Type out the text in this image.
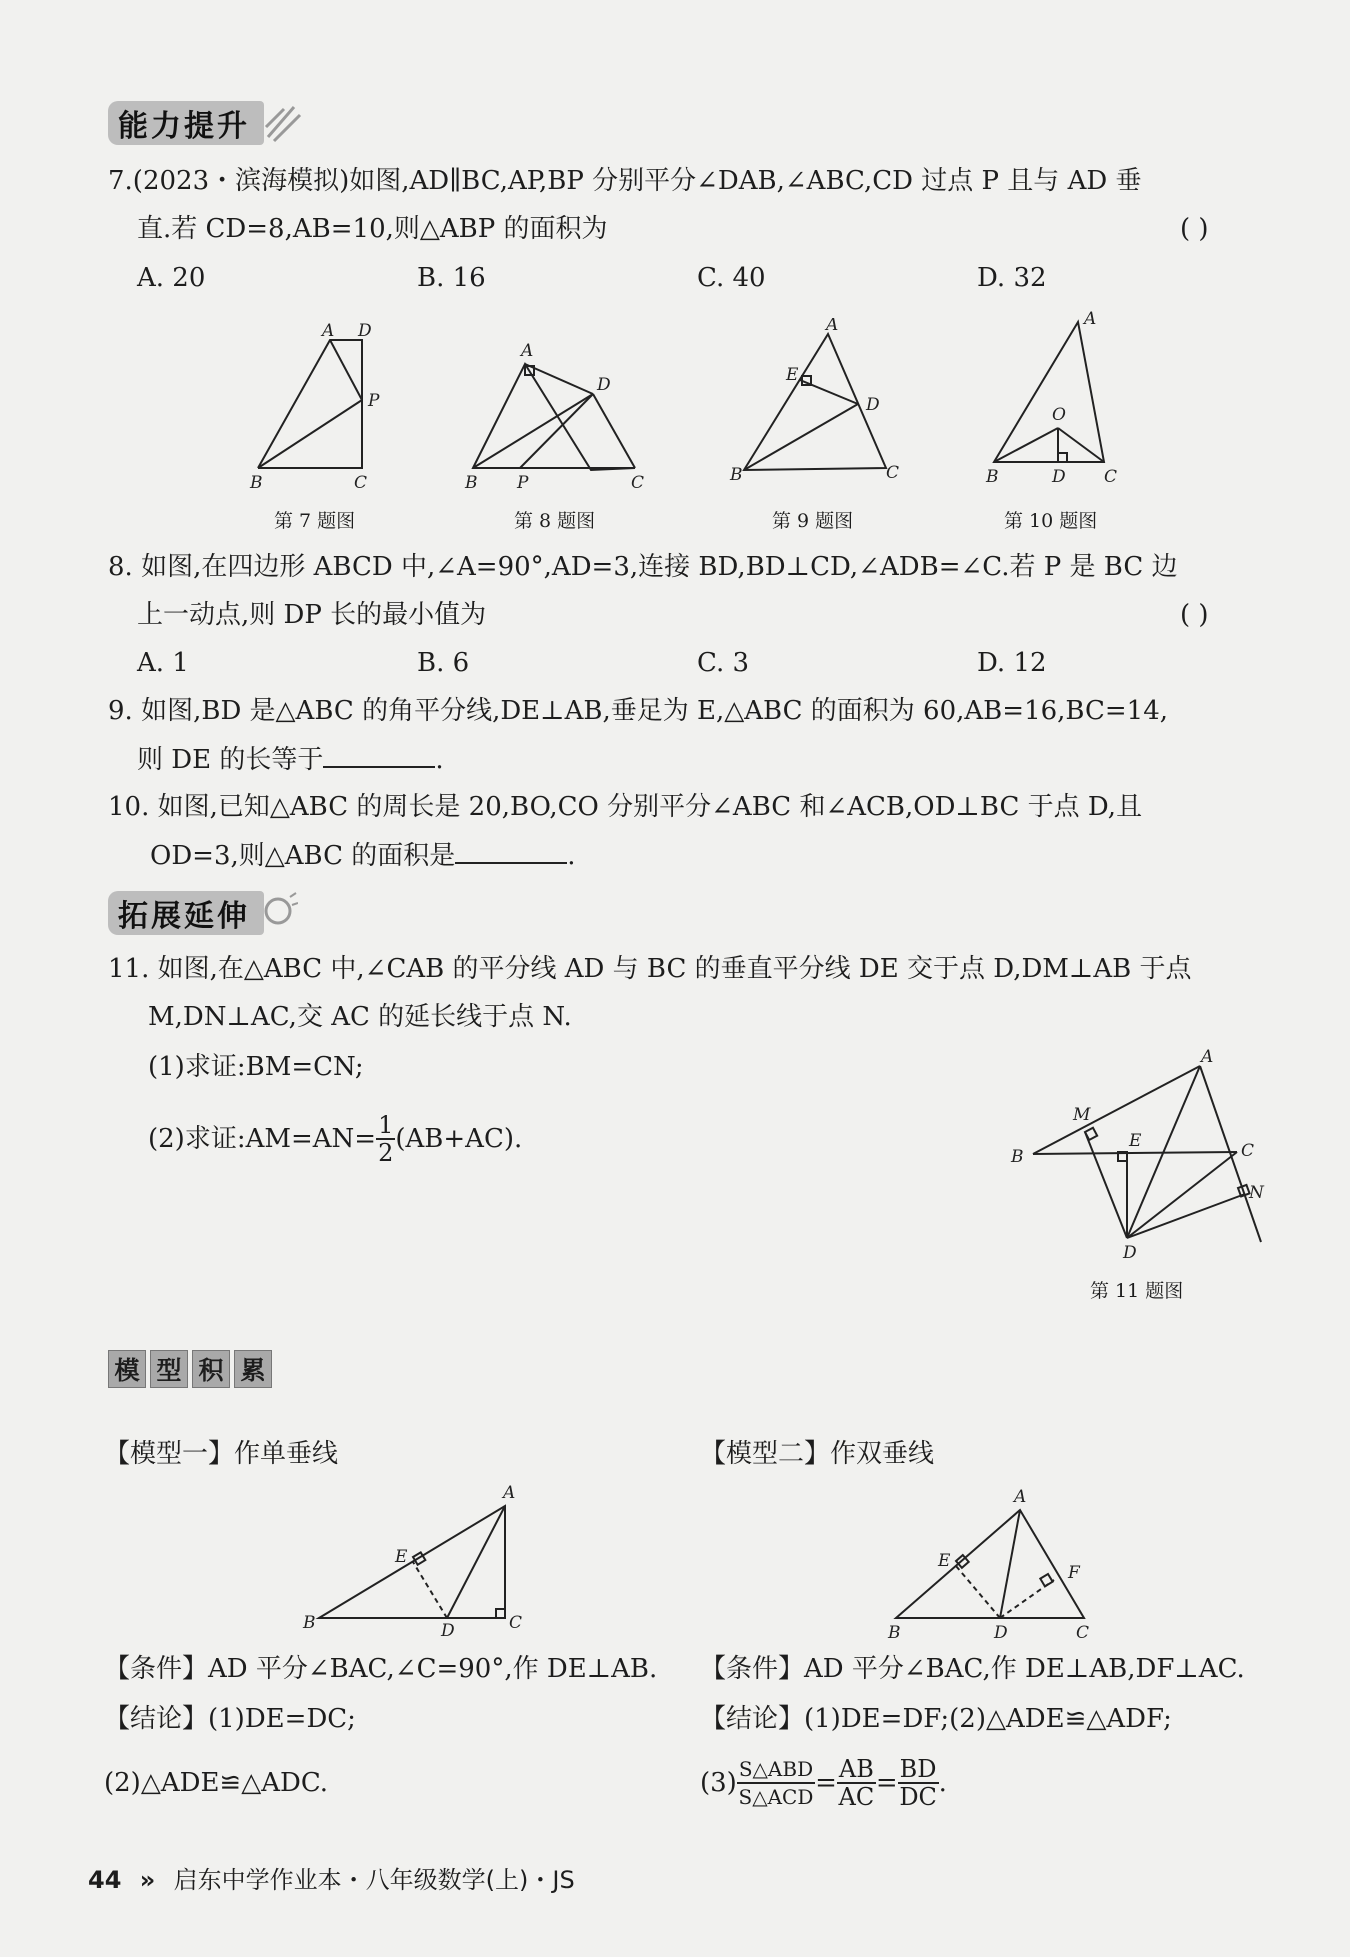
能力提升
7.(2023・滨海模拟)如图,AD∥BC,AP,BP 分别平分∠DAB,∠ABC,CD 过点 P 且与 AD 垂
直.若 CD=8,AB=10,则△ABP 的面积为	( )
A. 20	B. 16	C. 40	D. 32
A D
P
B	C
A
D
B P	C
A
E
D
B	C
A
O
B	D C
第 7 题图	第 8 题图	第 9 题图	第 10 题图
8. 如图,在四边形 ABCD 中,∠A=90°,AD=3,连接 BD,BD⊥CD,∠ADB=∠C.若 P 是 BC 边
上一动点,则 DP 长的最小值为	( )
A. 1	B. 6	C. 3	D. 12
9. 如图,BD 是△ABC 的角平分线,DE⊥AB,垂足为 E,△ABC 的面积为 60,AB=16,BC=14,
则 DE 的长等于	.
10. 如图,已知△ABC 的周长是 20,BO,CO 分别平分∠ABC 和∠ACB,OD⊥BC 于点 D,且
OD=3,则△ABC 的面积是	.
拓展延伸
11. 如图,在△ABC 中,∠CAB 的平分线 AD 与 BC 的垂直平分线 DE 交于点 D,DM⊥AB 于点
M,DN⊥AC,交 AC 的延长线于点 N.
(1)求证:BM=CN;
(2)求证:AM=AN= $\frac{1}{2} (AB+AC)$.
A
M
E	C
B
N
D
第 11 题图
模 型 积 累
【模型一】作单垂线
A
E
B	D	C
【条件】AD 平分∠BAC,∠C=90°,作 DE⊥AB.
【结论】(1)DE=DC;
(2)△ADE≌△ADC.
【模型二】作双垂线
A
E
F
B	D	C
【条件】AD 平分∠BAC,作 DE⊥AB,DF⊥AC.
【结论】(1)DE=DF;(2)△ADE≌△ADF;
$(3) \frac{\text{S△ABD}}{\text{S△ACD}} = \frac{AB}{AC} = \frac{BD}{DC}$ .
44 » 启东中学作业本・八年级数学(上)・JS
